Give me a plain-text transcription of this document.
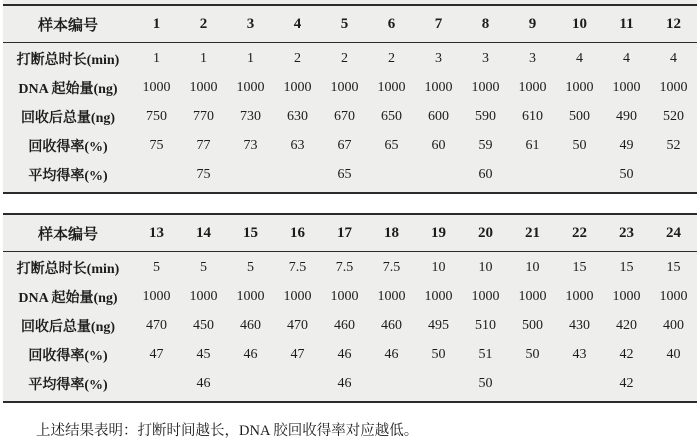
样本编号	1	2	3	4	5	6	7	8	9	10	11	12
打断总时长(min)	1	1	1	2	2	2	3	3	3	4	4	4
DNA 起始量(ng)	1000	1000	1000	1000	1000	1000	1000	1000	1000	1000	1000	1000
回收后总量(ng)	750	770	730	630	670	650	600	590	610	500	490	520
回收得率(%)	75	77	73	63	67	65	60	59	61	50	49	52
平均得率(%)		75			65			60			50	
样本编号	13	14	15	16	17	18	19	20	21	22	23	24
打断总时长(min)	5	5	5	7.5	7.5	7.5	10	10	10	15	15	15
DNA 起始量(ng)	1000	1000	1000	1000	1000	1000	1000	1000	1000	1000	1000	1000
回收后总量(ng)	470	450	460	470	460	460	495	510	500	430	420	400
回收得率(%)	47	45	46	47	46	46	50	51	50	43	42	40
平均得率(%)		46			46			50			42	

上述结果表明：打断时间越长，DNA 胶回收得率对应越低。
